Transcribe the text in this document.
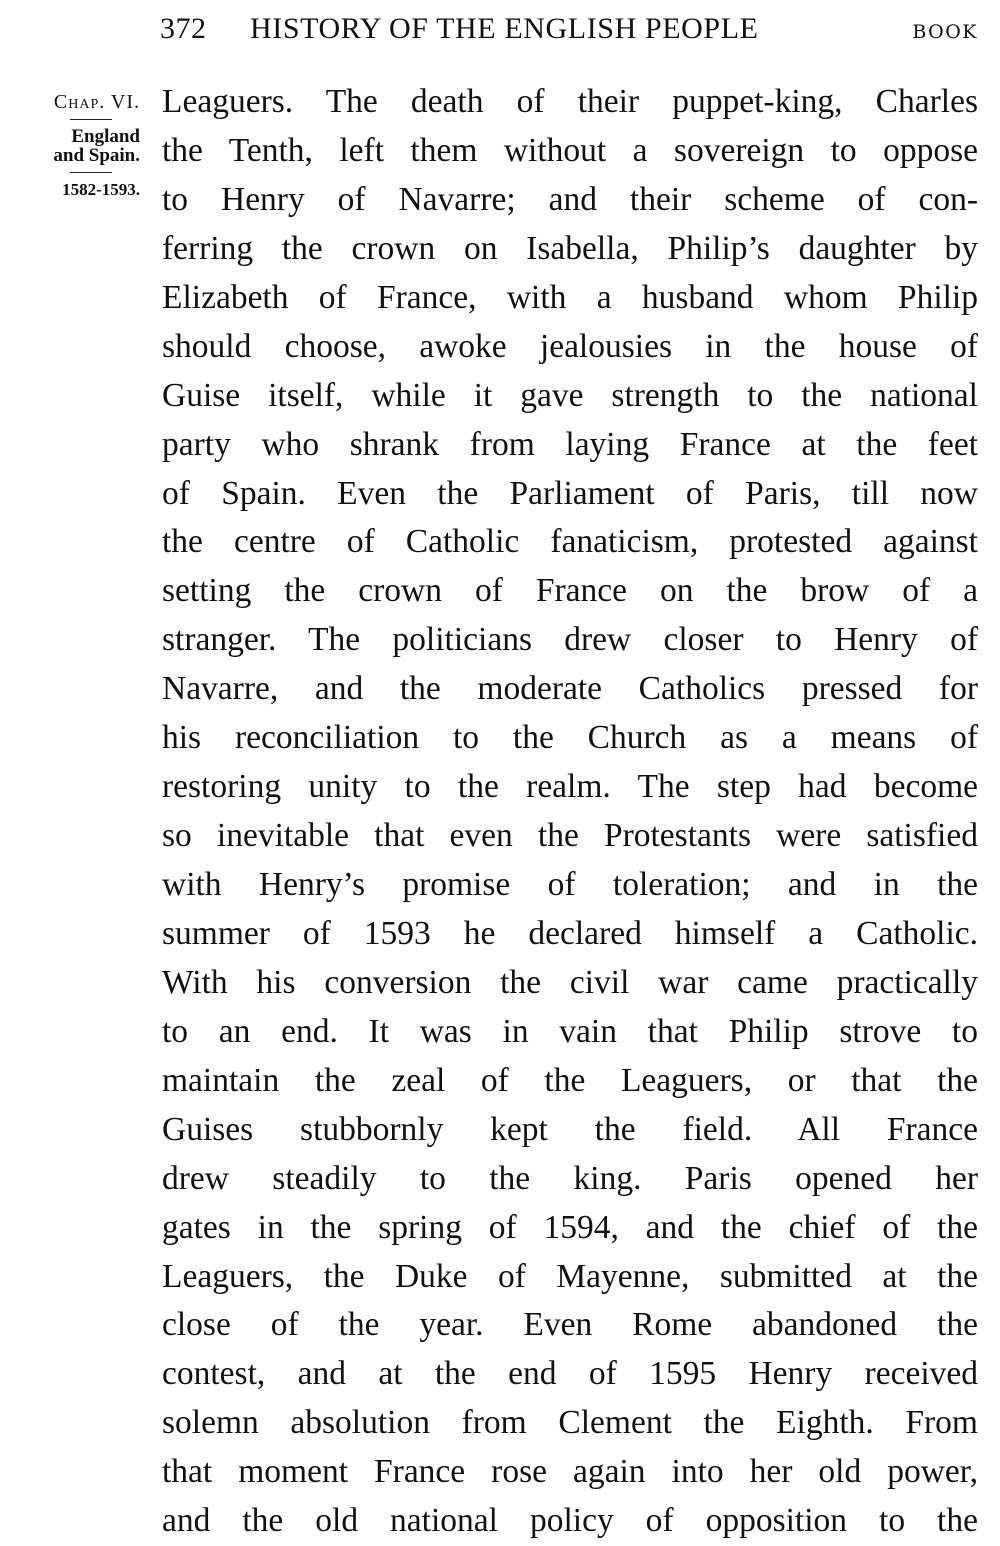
372	HISTORY OF THE ENGLISH PEOPLE	BOOK
Chap. VI.
England
and Spain.
1582-1593.
Leaguers. The death of their puppet-king, Charles
the Tenth, left them without a sovereign to oppose
to Henry of Navarre; and their scheme of con-
ferring the crown on Isabella, Philip’s daughter by
Elizabeth of France, with a husband whom Philip
should choose, awoke jealousies in the house of
Guise itself, while it gave strength to the national
party who shrank from laying France at the feet
of Spain. Even the Parliament of Paris, till now
the centre of Catholic fanaticism, protested against
setting the crown of France on the brow of a
stranger. The politicians drew closer to Henry of
Navarre, and the moderate Catholics pressed for
his reconciliation to the Church as a means of
restoring unity to the realm. The step had become
so inevitable that even the Protestants were satisfied
with Henry’s promise of toleration; and in the
summer of 1593 he declared himself a Catholic.
With his conversion the civil war came practically
to an end. It was in vain that Philip strove to
maintain the zeal of the Leaguers, or that the
Guises stubbornly kept the field. All France
drew steadily to the king. Paris opened her
gates in the spring of 1594, and the chief of the
Leaguers, the Duke of Mayenne, submitted at the
close of the year. Even Rome abandoned the
contest, and at the end of 1595 Henry received
solemn absolution from Clement the Eighth. From
that moment France rose again into her old power,
and the old national policy of opposition to the
